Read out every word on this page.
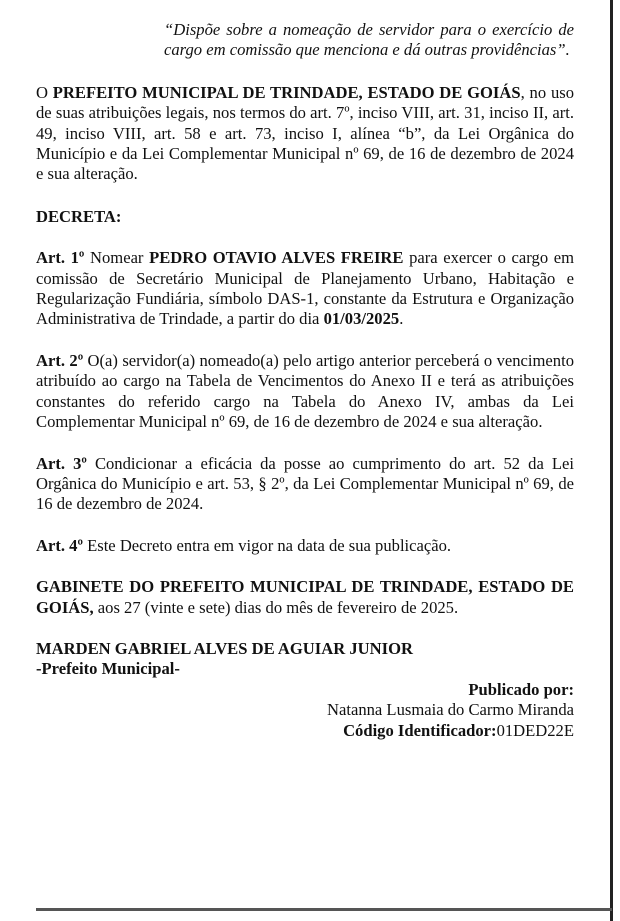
“Dispõe sobre a nomeação de servidor para o exercício de cargo em comissão que menciona e dá outras providências”.

O PREFEITO MUNICIPAL DE TRINDADE, ESTADO DE GOIÁS, no uso de suas atribuições legais, nos termos do art. 7º, inciso VIII, art. 31, inciso II, art. 49, inciso VIII, art. 58 e art. 73, inciso I, alínea “b”, da Lei Orgânica do Município e da Lei Complementar Municipal nº 69, de 16 de dezembro de 2024 e sua alteração.

DECRETA:

Art. 1º Nomear PEDRO OTAVIO ALVES FREIRE para exercer o cargo em comissão de Secretário Municipal de Planejamento Urbano, Habitação e Regularização Fundiária, símbolo DAS-1, constante da Estrutura e Organização Administrativa de Trindade, a partir do dia 01/03/2025.

Art. 2º O(a) servidor(a) nomeado(a) pelo artigo anterior perceberá o vencimento atribuído ao cargo na Tabela de Vencimentos do Anexo II e terá as atribuições constantes do referido cargo na Tabela do Anexo IV, ambas da Lei Complementar Municipal nº 69, de 16 de dezembro de 2024 e sua alteração.

Art. 3º Condicionar a eficácia da posse ao cumprimento do art. 52 da Lei Orgânica do Município e art. 53, § 2º, da Lei Complementar Municipal nº 69, de 16 de dezembro de 2024.

Art. 4º Este Decreto entra em vigor na data de sua publicação.

GABINETE DO PREFEITO MUNICIPAL DE TRINDADE, ESTADO DE GOIÁS, aos 27 (vinte e sete) dias do mês de fevereiro de 2025.

MARDEN GABRIEL ALVES DE AGUIAR JUNIOR

-Prefeito Municipal-

Publicado por:

Natanna Lusmaia do Carmo Miranda

Código Identificador:01DED22E
